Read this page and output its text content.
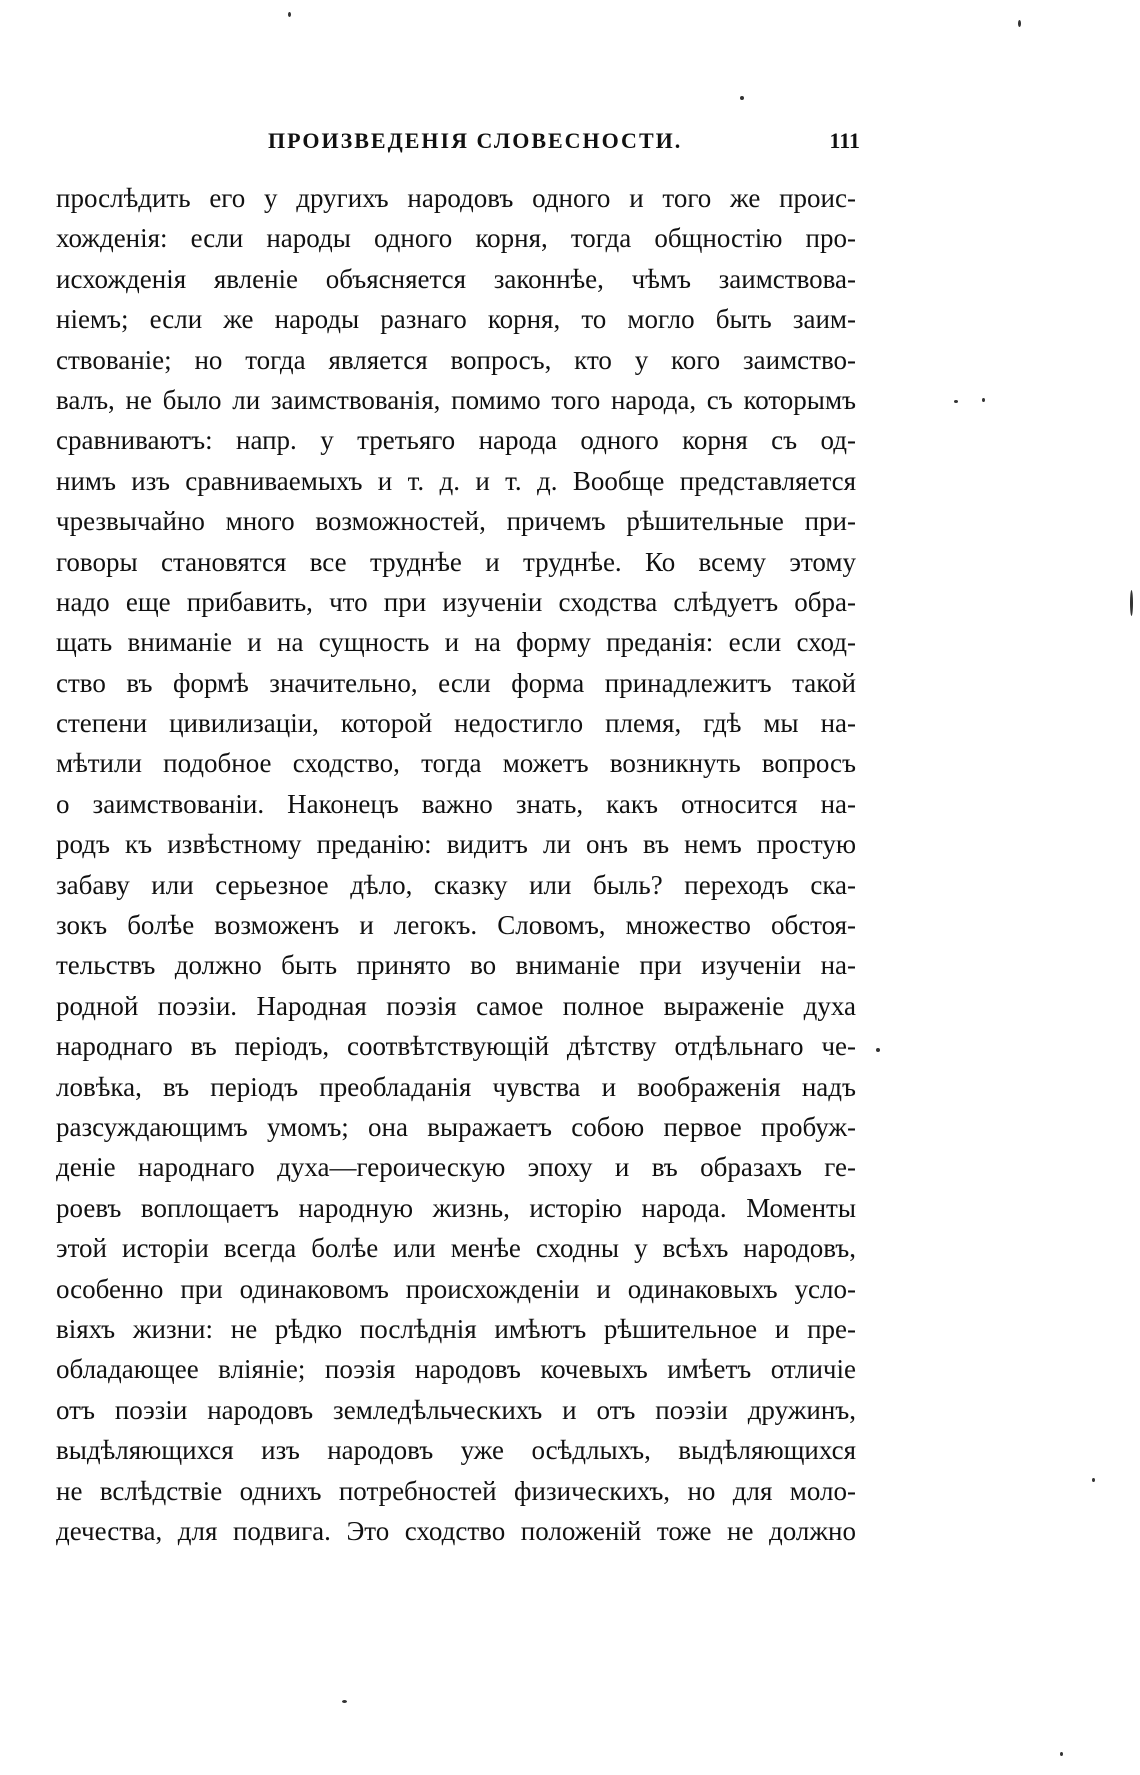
ПРОИЗВЕДЕНІЯ СЛОВЕСНОСТИ.	111
прослѣдить его у другихъ народовъ одного и того же проис-
хожденія: если народы одного корня, тогда общностію про-
исхожденія явленіе объясняется законнѣе, чѣмъ заимствова-
ніемъ; если же народы разнаго корня, то могло быть заим-
ствованіе; но тогда является вопросъ, кто у кого заимство-
валъ, не было ли заимствованія, помимо того народа, съ которымъ
сравниваютъ: напр. у третьяго народа одного корня съ од-
нимъ изъ сравниваемыхъ и т. д. и т. д. Вообще представляется
чрезвычайно много возможностей, причемъ рѣшительные при-
говоры становятся все труднѣе и труднѣе. Ко всему этому
надо еще прибавить, что при изученіи сходства слѣдуетъ обра-
щать вниманіе и на сущность и на форму преданія: если сход-
ство въ формѣ значительно, если форма принадлежитъ такой
степени цивилизаціи, которой недостигло племя, гдѣ мы на-
мѣтили подобное сходство, тогда можетъ возникнуть вопросъ
о заимствованіи. Наконецъ важно знать, какъ относится на-
родъ къ извѣстному преданію: видитъ ли онъ въ немъ простую
забаву или серьезное дѣло, сказку или быль? переходъ ска-
зокъ болѣе возможенъ и легокъ. Словомъ, множество обстоя-
тельствъ должно быть принято во вниманіе при изученіи на-
родной поэзіи. Народная поэзія самое полное выраженіе духа
народнаго въ періодъ, соотвѣтствующій дѣтству отдѣльнаго че-
ловѣка, въ періодъ преобладанія чувства и воображенія надъ
разсуждающимъ умомъ; она выражаетъ собою первое пробуж-
деніе народнаго духа—героическую эпоху и въ образахъ ге-
роевъ воплощаетъ народную жизнь, исторію народа. Моменты
этой исторіи всегда болѣе или менѣе сходны у всѣхъ народовъ,
особенно при одинаковомъ происхожденіи и одинаковыхъ усло-
віяхъ жизни: не рѣдко послѣднія имѣютъ рѣшительное и пре-
обладающее вліяніе; поэзія народовъ кочевыхъ имѣетъ отличіе
отъ поэзіи народовъ земледѣльческихъ и отъ поэзіи дружинъ,
выдѣляющихся изъ народовъ уже осѣдлыхъ, выдѣляющихся
не вслѣдствіе однихъ потребностей физическихъ, но для моло-
дечества, для подвига. Это сходство положеній тоже не должно
